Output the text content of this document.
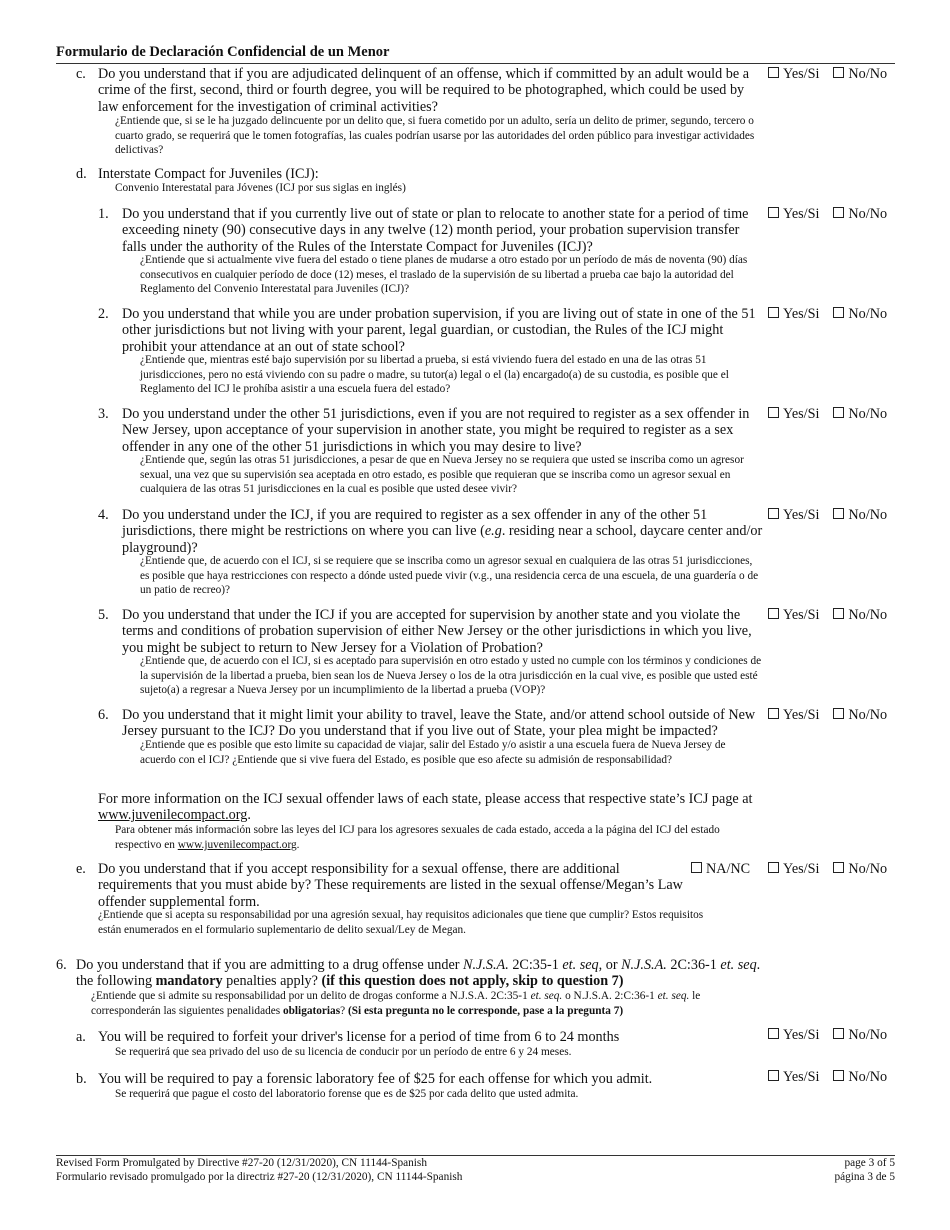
Formulario de Declaración Confidencial de un Menor
c. Do you understand that if you are adjudicated delinquent of an offense, which if committed by an adult would be a crime of the first, second, third or fourth degree, you will be required to be photographed, which could be used by law enforcement for the investigation of criminal activities?
¿Entiende que, si se le ha juzgado delincuente por un delito que, si fuera cometido por un adulto, sería un delito de primer, segundo, tercero o cuarto grado, se requerirá que le tomen fotografías, las cuales podrían usarse por las autoridades del orden público para investigar actividades delictivas?
Yes/Si No/No
d. Interstate Compact for Juveniles (ICJ):
Convenio Interestatal para Jóvenes (ICJ por sus siglas en inglés)
1. Do you understand that if you currently live out of state or plan to relocate to another state for a period of time exceeding ninety (90) consecutive days in any twelve (12) month period, your probation supervision transfer falls under the authority of the Rules of the Interstate Compact for Juveniles (ICJ)?
¿Entiende que si actualmente vive fuera del estado o tiene planes de mudarse a otro estado por un período de más de noventa (90) días consecutivos en cualquier período de doce (12) meses, el traslado de la supervisión de su libertad a prueba cae bajo la autoridad del Reglamento del Convenio Interestatal para Juveniles (ICJ)?
Yes/Si No/No
2. Do you understand that while you are under probation supervision, if you are living out of state in one of the 51 other jurisdictions but not living with your parent, legal guardian, or custodian, the Rules of the ICJ might prohibit your attendance at an out of state school?
¿Entiende que, mientras esté bajo supervisión por su libertad a prueba, si está viviendo fuera del estado en una de las otras 51 jurisdicciones, pero no está viviendo con su padre o madre, su tutor(a) legal o el (la) encargado(a) de su custodia, es posible que el Reglamento del ICJ le prohíba asistir a una escuela fuera del estado?
Yes/Si No/No
3. Do you understand under the other 51 jurisdictions, even if you are not required to register as a sex offender in New Jersey, upon acceptance of your supervision in another state, you might be required to register as a sex offender in any one of the other 51 jurisdictions in which you may desire to live?
¿Entiende que, según las otras 51 jurisdicciones, a pesar de que en Nueva Jersey no se requiera que usted se inscriba como un agresor sexual, una vez que su supervisión sea aceptada en otro estado, es posible que requieran que se inscriba como un agresor sexual en cualquiera de las otras 51 jurisdicciones en la cual es posible que usted desee vivir?
Yes/Si No/No
4. Do you understand under the ICJ, if you are required to register as a sex offender in any of the other 51 jurisdictions, there might be restrictions on where you can live (e.g. residing near a school, daycare center and/or playground)?
¿Entiende que, de acuerdo con el ICJ, si se requiere que se inscriba como un agresor sexual en cualquiera de las otras 51 jurisdicciones, es posible que haya restricciones con respecto a dónde usted puede vivir (v.g., una residencia cerca de una escuela, de una guardería o de un patio de recreo)?
Yes/Si No/No
5. Do you understand that under the ICJ if you are accepted for supervision by another state and you violate the terms and conditions of probation supervision of either New Jersey or the other jurisdictions in which you live, you might be subject to return to New Jersey for a Violation of Probation?
¿Entiende que, de acuerdo con el ICJ, si es aceptado para supervisión en otro estado y usted no cumple con los términos y condiciones de la supervisión de la libertad a prueba, bien sean los de Nueva Jersey o los de la otra jurisdicción en la cual vive, es posible que usted esté sujeto(a) a regresar a Nueva Jersey por un incumplimiento de la libertad a prueba (VOP)?
Yes/Si No/No
6. Do you understand that it might limit your ability to travel, leave the State, and/or attend school outside of New Jersey pursuant to the ICJ? Do you understand that if you live out of State, your plea might be impacted?
¿Entiende que es posible que esto limite su capacidad de viajar, salir del Estado y/o asistir a una escuela fuera de Nueva Jersey de acuerdo con el ICJ? ¿Entiende que si vive fuera del Estado, es posible que eso afecte su admisión de responsabilidad?
Yes/Si No/No
For more information on the ICJ sexual offender laws of each state, please access that respective state’s ICJ page at
www.juvenilecompact.org.
Para obtener más información sobre las leyes del ICJ para los agresores sexuales de cada estado, acceda a la página del ICJ del estado respectivo en www.juvenilecompact.org.
e. Do you understand that if you accept responsibility for a sexual offense, there are additional requirements that you must abide by? These requirements are listed in the sexual offense/Megan’s Law offender supplemental form.
¿Entiende que si acepta su responsabilidad por una agresión sexual, hay requisitos adicionales que tiene que cumplir? Estos requisitos están enumerados en el formulario suplementario de delito sexual/Ley de Megan.
NA/NC	Yes/Si No/No
6. Do you understand that if you are admitting to a drug offense under N.J.S.A. 2C:35-1 et. seq, or N.J.S.A. 2C:36-1 et. seq. the following mandatory penalties apply? (if this question does not apply, skip to question 7)
¿Entiende que si admite su responsabilidad por un delito de drogas conforme a N.J.S.A. 2C:35-1 et. seq. o N.J.S.A. 2:C:36-1 et. seq. le corresponderán las siguientes penalidades obligatorias? (Si esta pregunta no le corresponde, pase a la pregunta 7)
a. You will be required to forfeit your driver's license for a period of time from 6 to 24 months
Se requerirá que sea privado del uso de su licencia de conducir por un período de entre 6 y 24 meses.
Yes/Si No/No
b. You will be required to pay a forensic laboratory fee of $25 for each offense for which you admit.
Se requerirá que pague el costo del laboratorio forense que es de $25 por cada delito que usted admita.
Yes/Si No/No
Revised Form Promulgated by Directive #27-20 (12/31/2020), CN 11144-Spanish
Formulario revisado promulgado por la directriz #27-20 (12/31/2020), CN 11144-Spanish
page 3 of 5
página 3 de 5
